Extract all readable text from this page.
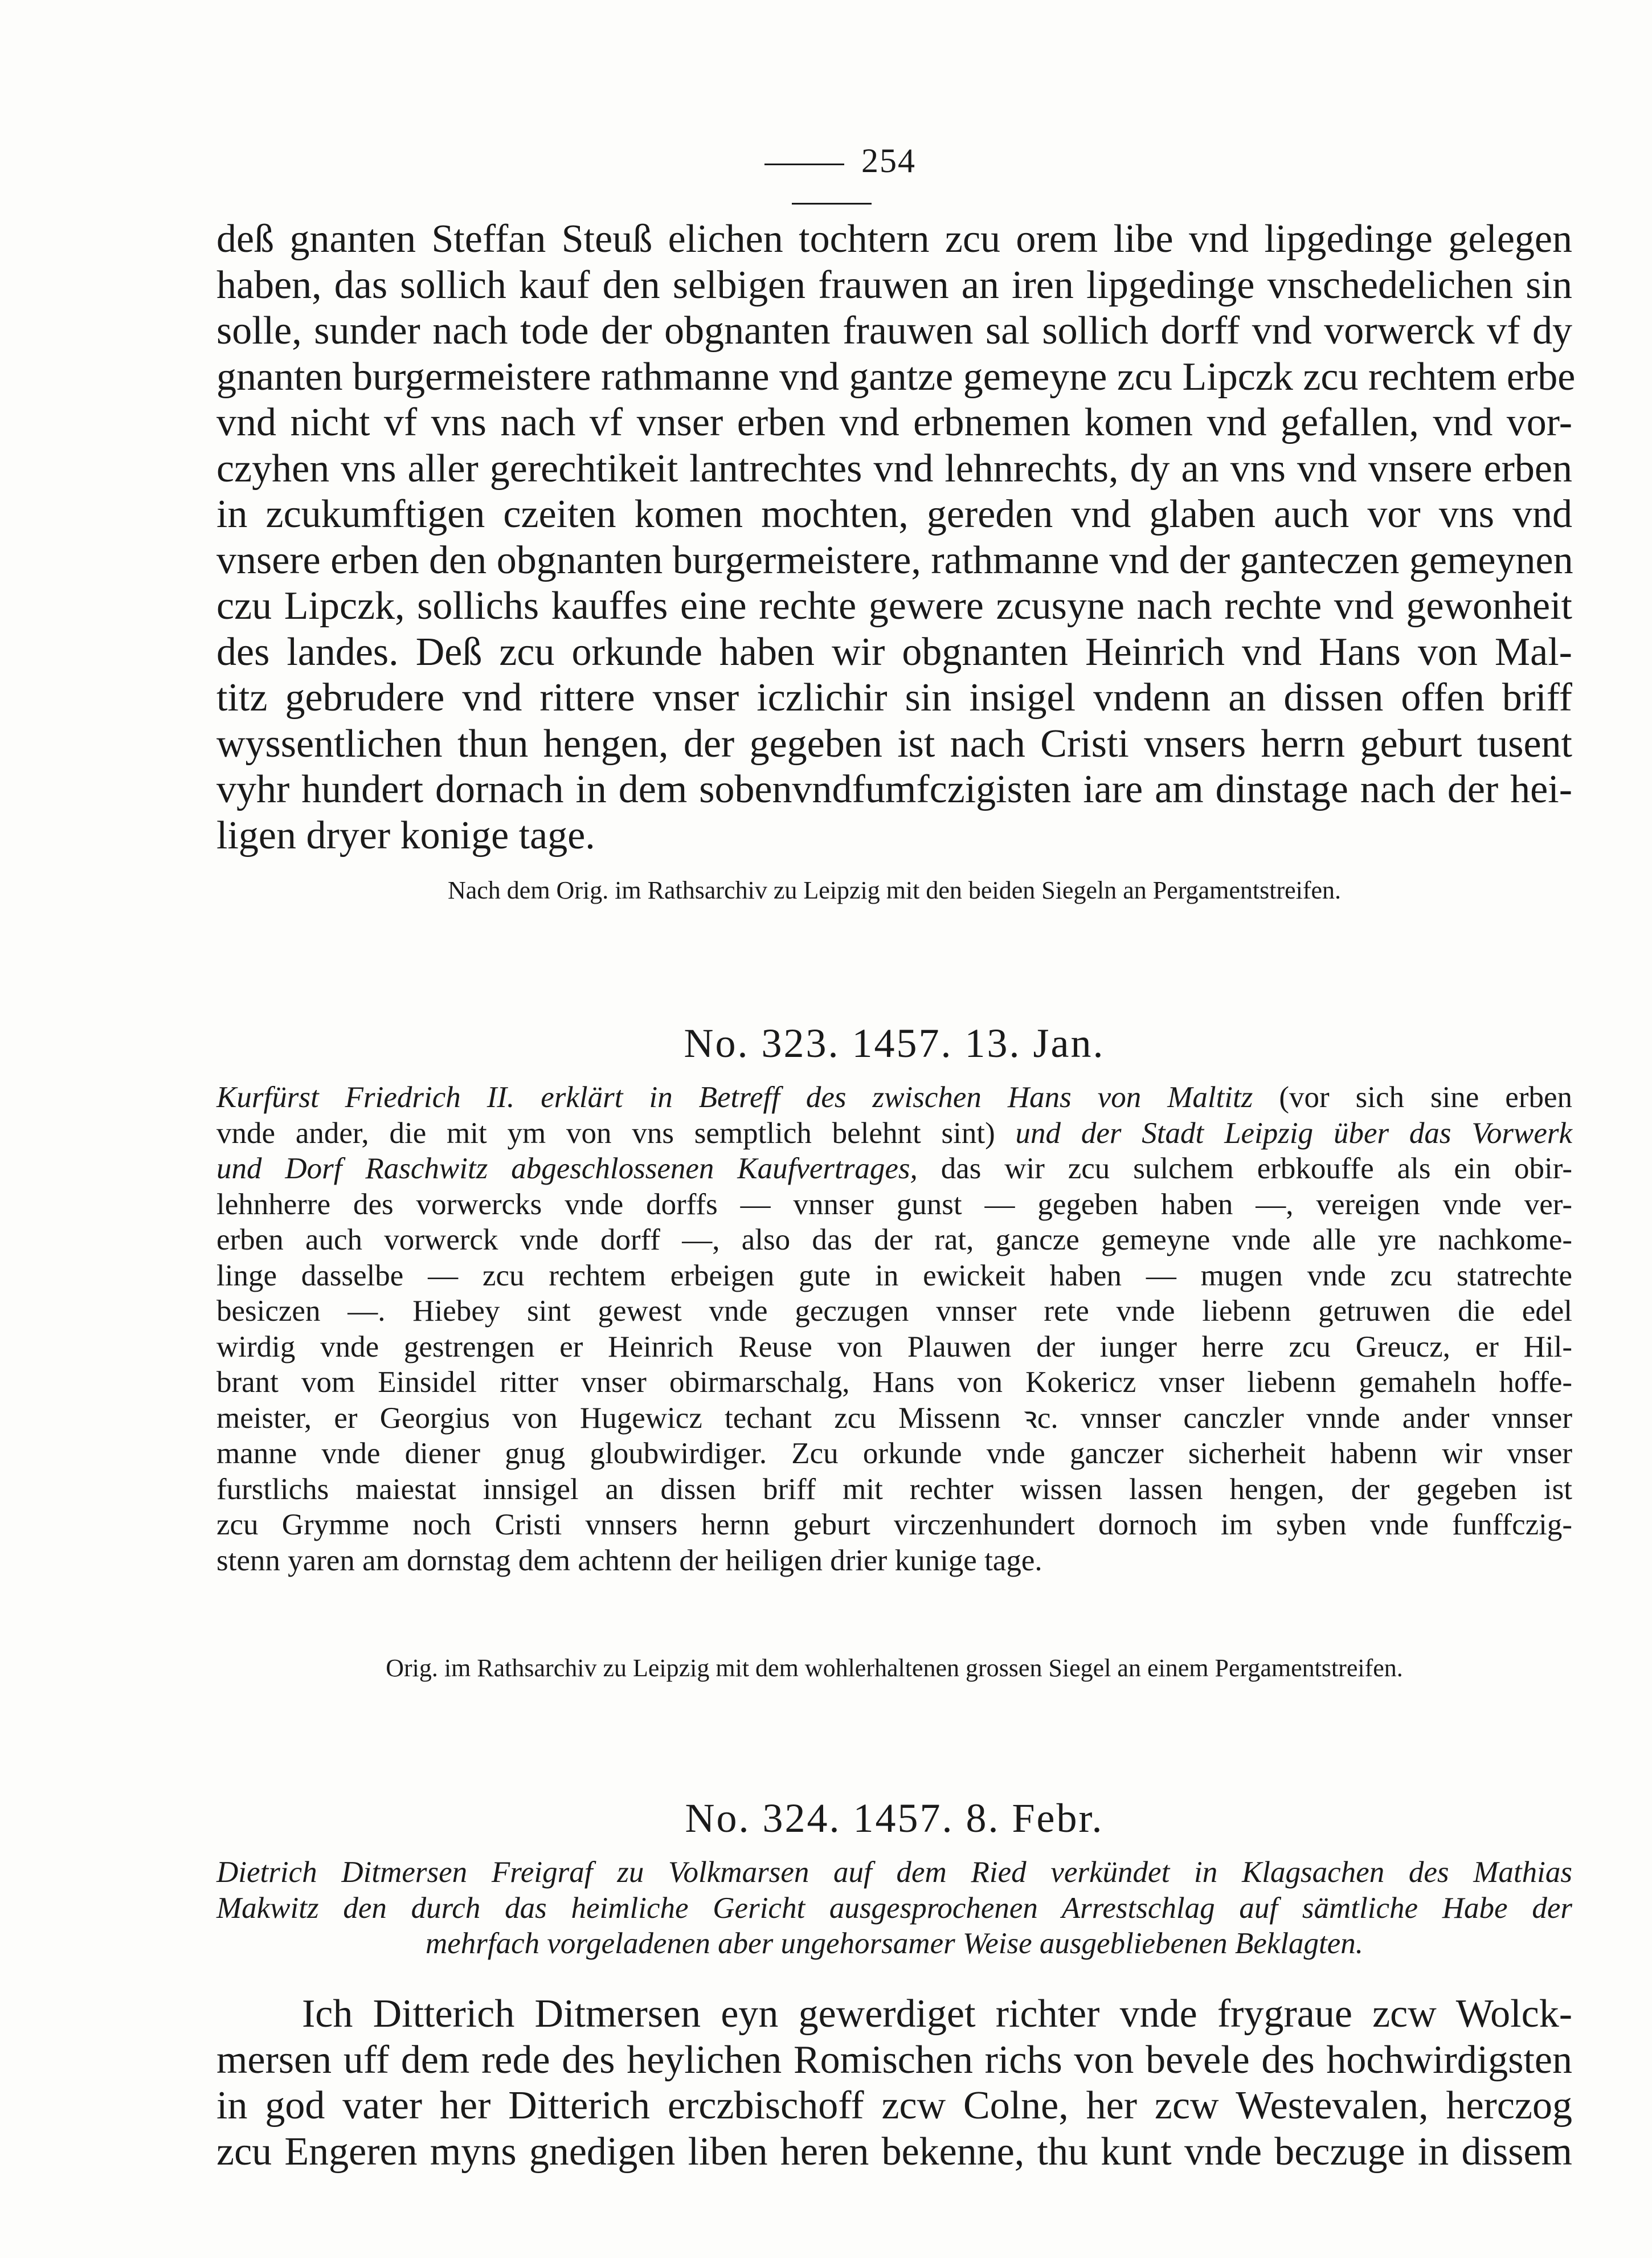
254
deß gnanten Steffan Steuß elichen tochtern zcu orem libe vnd lipgedinge gelegen
haben, das sollich kauf den selbigen frauwen an iren lipgedinge vnschedelichen sin
solle, sunder nach tode der obgnanten frauwen sal sollich dorff vnd vorwerck vf dy
gnanten burgermeistere rathmanne vnd gantze gemeyne zcu Lipczk zcu rechtem erbe
vnd nicht vf vns nach vf vnser erben vnd erbnemen komen vnd gefallen, vnd vor-
czyhen vns aller gerechtikeit lantrechtes vnd lehnrechts, dy an vns vnd vnsere erben
in zcukumftigen czeiten komen mochten, gereden vnd glaben auch vor vns vnd
vnsere erben den obgnanten burgermeistere, rathmanne vnd der ganteczen gemeynen
czu Lipczk, sollichs kauffes eine rechte gewere zcusyne nach rechte vnd gewonheit
des landes. Deß zcu orkunde haben wir obgnanten Heinrich vnd Hans von Mal-
titz gebrudere vnd rittere vnser iczlichir sin insigel vndenn an dissen offen briff
wyssentlichen thun hengen, der gegeben ist nach Cristi vnsers herrn geburt tusent
vyhr hundert dornach in dem sobenvndfumfczigisten iare am dinstage nach der hei-
ligen dryer konige tage.
Nach dem Orig. im Rathsarchiv zu Leipzig mit den beiden Siegeln an Pergamentstreifen.
No. 323. 1457. 13. Jan.
Kurfürst Friedrich II. erklärt in Betreff des zwischen Hans von Maltitz (vor sich sine erben
vnde ander, die mit ym von vns semptlich belehnt sint) und der Stadt Leipzig über das Vorwerk
und Dorf Raschwitz abgeschlossenen Kaufvertrages, das wir zcu sulchem erbkouffe als ein obir-
lehnherre des vorwercks vnde dorffs — vnnser gunst — gegeben haben —, vereigen vnde ver-
erben auch vorwerck vnde dorff —, also das der rat, gancze gemeyne vnde alle yre nachkome-
linge dasselbe — zcu rechtem erbeigen gute in ewickeit haben — mugen vnde zcu statrechte
besiczen —. Hiebey sint gewest vnde geczugen vnnser rete vnde liebenn getruwen die edel
wirdig vnde gestrengen er Heinrich Reuse von Plauwen der iunger herre zcu Greucz, er Hil-
brant vom Einsidel ritter vnser obirmarschalg, Hans von Kokericz vnser liebenn gemaheln hoffe-
meister, er Georgius von Hugewicz techant zcu Missenn ꝛc. vnnser canczler vnnde ander vnnser
manne vnde diener gnug gloubwirdiger. Zcu orkunde vnde ganczer sicherheit habenn wir vnser
furstlichs maiestat innsigel an dissen briff mit rechter wissen lassen hengen, der gegeben ist
zcu Grymme noch Cristi vnnsers hernn geburt virczenhundert dornoch im syben vnde funffczig-
stenn yaren am dornstag dem achtenn der heiligen drier kunige tage.
Orig. im Rathsarchiv zu Leipzig mit dem wohlerhaltenen grossen Siegel an einem Pergamentstreifen.
No. 324. 1457. 8. Febr.
Dietrich Ditmersen Freigraf zu Volkmarsen auf dem Ried verkündet in Klagsachen des Mathias
Makwitz den durch das heimliche Gericht ausgesprochenen Arrestschlag auf sämtliche Habe der
mehrfach vorgeladenen aber ungehorsamer Weise ausgebliebenen Beklagten.
Ich Ditterich Ditmersen eyn gewerdiget richter vnde frygraue zcw Wolck-
mersen uff dem rede des heylichen Romischen richs von bevele des hochwirdigsten
in god vater her Ditterich erczbischoff zcw Colne, her zcw Westevalen, herczog
zcu Engeren myns gnedigen liben heren bekenne, thu kunt vnde beczuge in dissem
